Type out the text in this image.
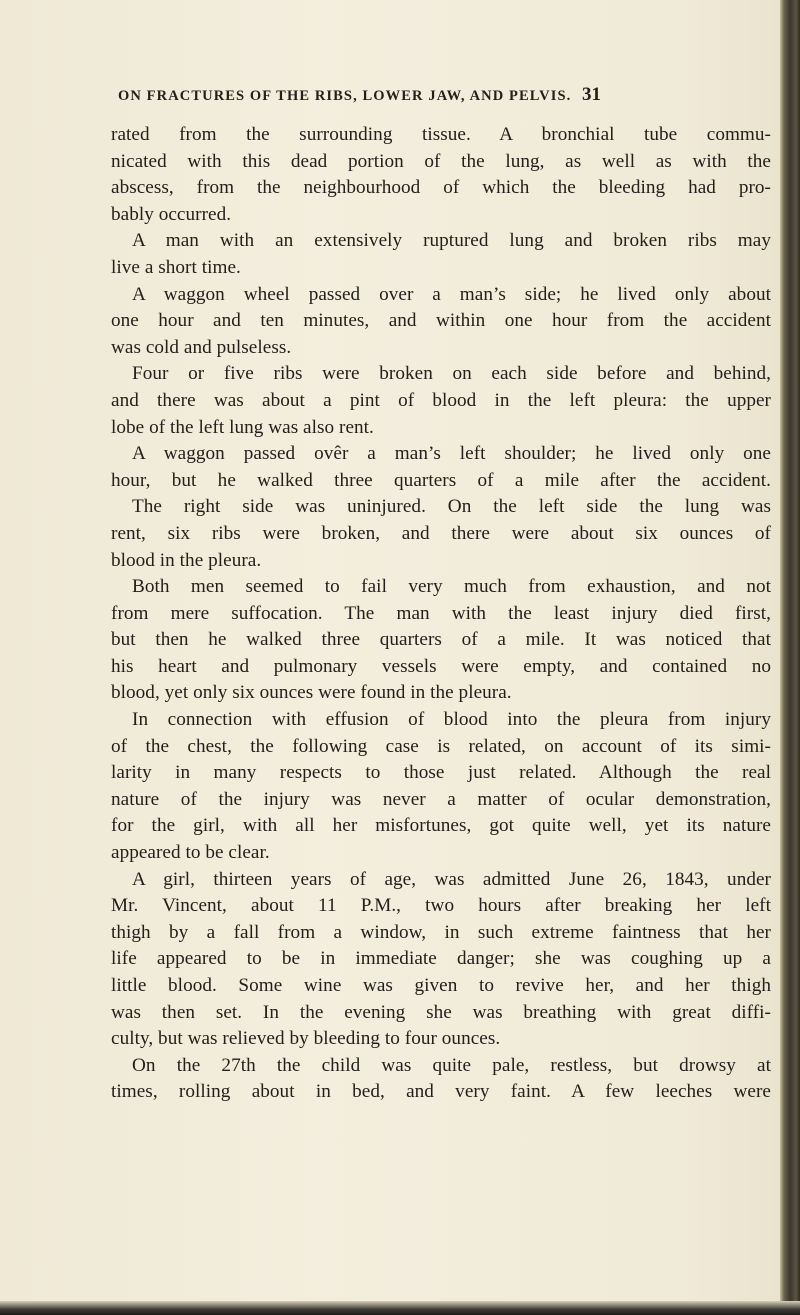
ON FRACTURES OF THE RIBS, LOWER JAW, AND PELVIS. 31
rated from the surrounding tissue. A bronchial tube commu-
nicated with this dead portion of the lung, as well as with the
abscess, from the neighbourhood of which the bleeding had pro-
bably occurred.
A man with an extensively ruptured lung and broken ribs may
live a short time.
A waggon wheel passed over a man’s side; he lived only about
one hour and ten minutes, and within one hour from the accident
was cold and pulseless.
Four or five ribs were broken on each side before and behind,
and there was about a pint of blood in the left pleura: the upper
lobe of the left lung was also rent.
A waggon passed ovêr a man’s left shoulder; he lived only one
hour, but he walked three quarters of a mile after the accident.
The right side was uninjured. On the left side the lung was
rent, six ribs were broken, and there were about six ounces of
blood in the pleura.
Both men seemed to fail very much from exhaustion, and not
from mere suffocation. The man with the least injury died first,
but then he walked three quarters of a mile. It was noticed that
his heart and pulmonary vessels were empty, and contained no
blood, yet only six ounces were found in the pleura.
In connection with effusion of blood into the pleura from injury
of the chest, the following case is related, on account of its simi-
larity in many respects to those just related. Although the real
nature of the injury was never a matter of ocular demonstration,
for the girl, with all her misfortunes, got quite well, yet its nature
appeared to be clear.
A girl, thirteen years of age, was admitted June 26, 1843, under
Mr. Vincent, about 11 P.M., two hours after breaking her left
thigh by a fall from a window, in such extreme faintness that her
life appeared to be in immediate danger; she was coughing up a
little blood. Some wine was given to revive her, and her thigh
was then set. In the evening she was breathing with great diffi-
culty, but was relieved by bleeding to four ounces.
On the 27th the child was quite pale, restless, but drowsy at
times, rolling about in bed, and very faint. A few leeches were
